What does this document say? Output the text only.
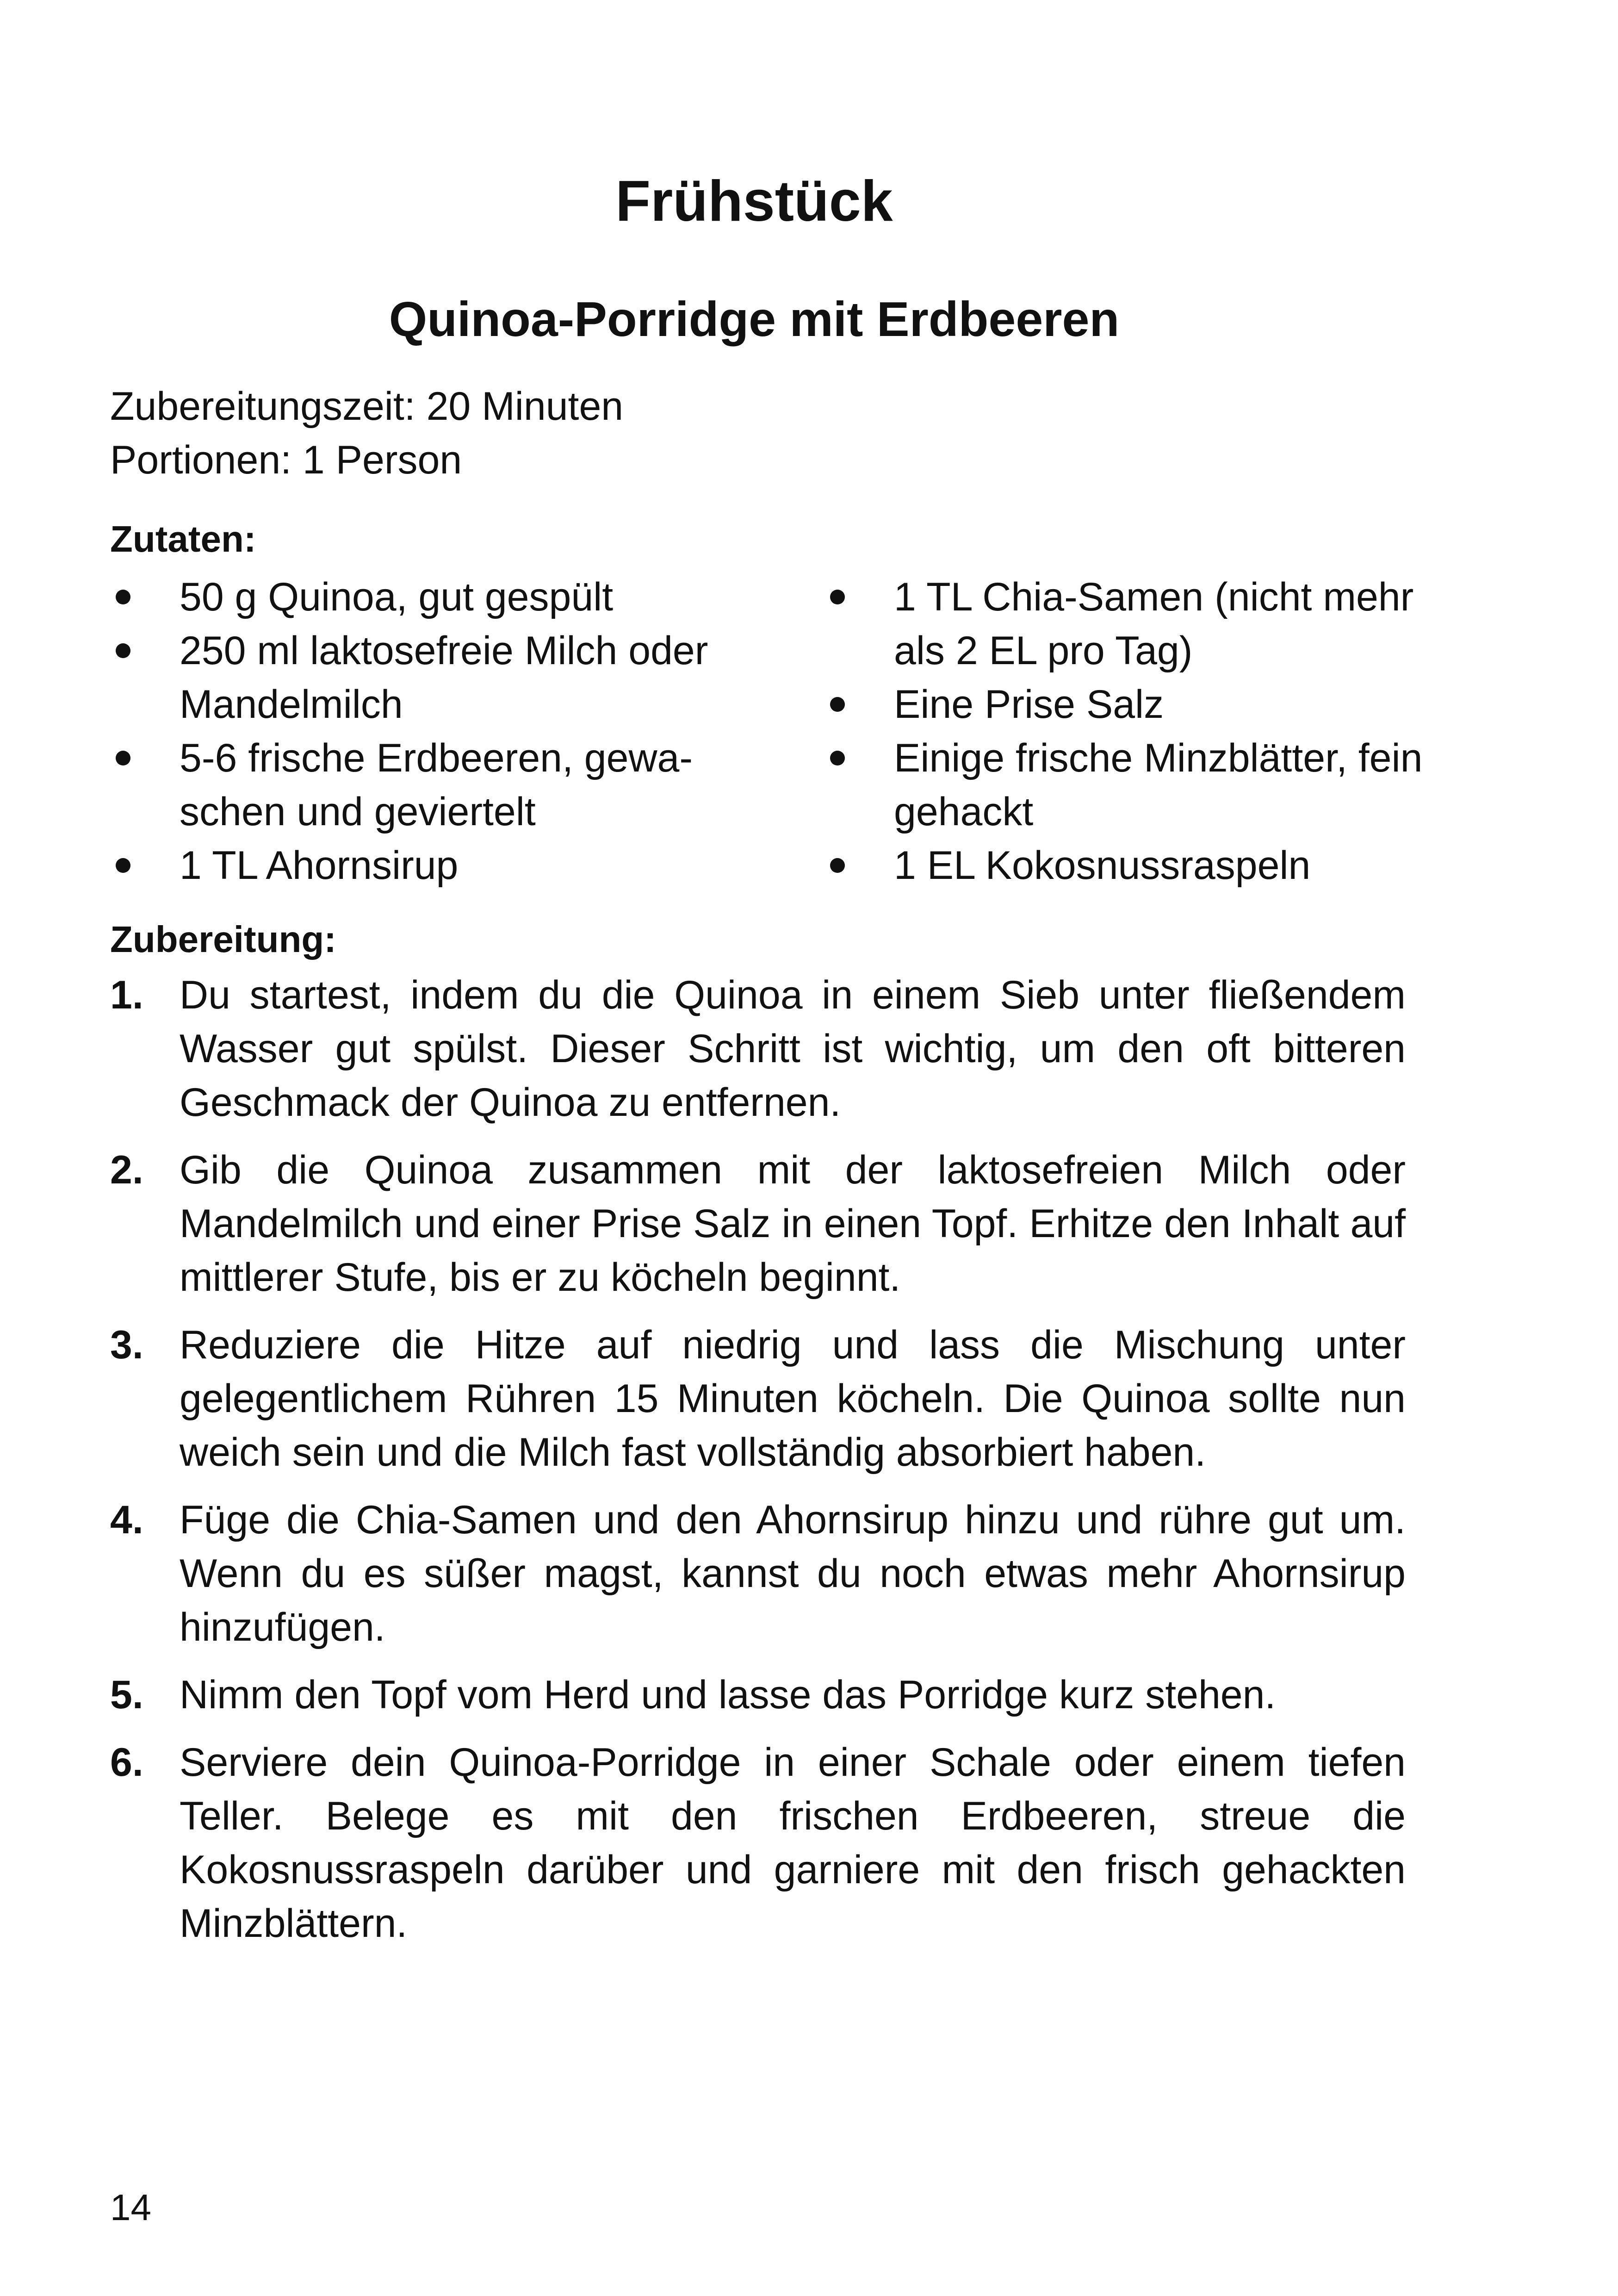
Frühstück
Quinoa-Porridge mit Erdbeeren
Zubereitungszeit: 20 Minuten
Portionen: 1 Person
Zutaten:
50 g Quinoa, gut gespült
250 ml laktosefreie Milch oder Mandelmilch
5-6 frische Erdbeeren, gewa-schen und geviertelt
1 TL Ahornsirup
1 TL Chia-Samen (nicht mehr als 2 EL pro Tag)
Eine Prise Salz
Einige frische Minzblätter, fein gehackt
1 EL Kokosnussraspeln
Zubereitung:
1. Du startest, indem du die Quinoa in einem Sieb unter fließendem Wasser gut spülst. Dieser Schritt ist wichtig, um den oft bitteren Geschmack der Quinoa zu entfernen.
2. Gib die Quinoa zusammen mit der laktosefreien Milch oder Mandelmilch und einer Prise Salz in einen Topf. Erhitze den Inhalt auf mittlerer Stufe, bis er zu köcheln beginnt.
3. Reduziere die Hitze auf niedrig und lass die Mischung unter gelegentlichem Rühren 15 Minuten köcheln. Die Quinoa sollte nun weich sein und die Milch fast vollständig absorbiert haben.
4. Füge die Chia-Samen und den Ahornsirup hinzu und rühre gut um. Wenn du es süßer magst, kannst du noch etwas mehr Ahornsirup hinzufügen.
5. Nimm den Topf vom Herd und lasse das Porridge kurz stehen.
6. Serviere dein Quinoa-Porridge in einer Schale oder einem tiefen Teller. Belege es mit den frischen Erdbeeren, streue die Kokosnussraspeln darüber und garniere mit den frisch gehackten Minzblättern.
14
